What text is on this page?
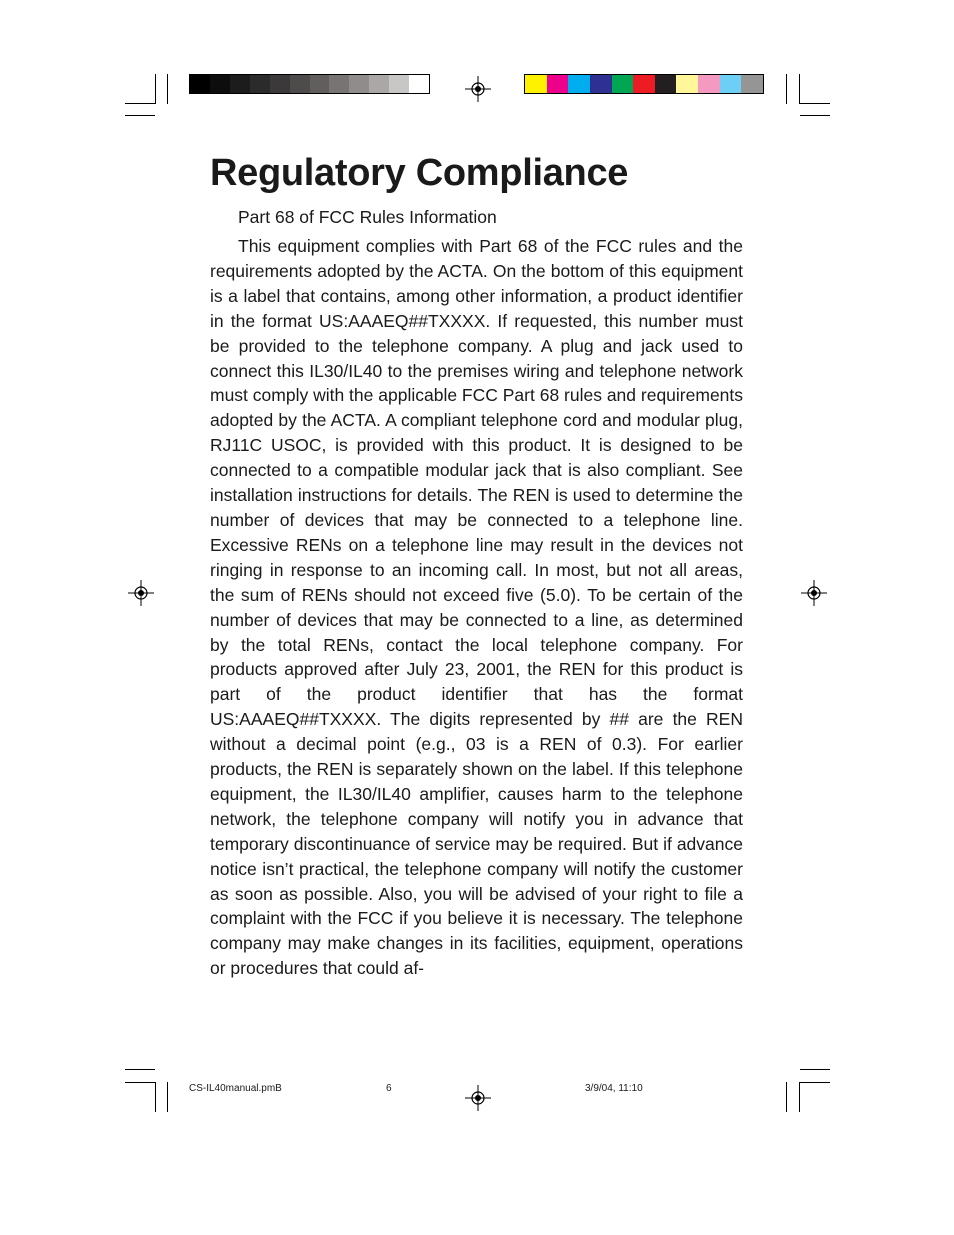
Regulatory Compliance

Part 68 of FCC Rules Information

This equipment complies with Part 68 of the FCC rules and the requirements adopted by the ACTA. On the bottom of this equipment is a label that contains, among other information, a product identifier in the format US:AAAEQ##TXXXX. If requested, this number must be provided to the telephone company. A plug and jack used to connect this IL30/IL40 to the premises wiring and telephone network must comply with the applicable FCC Part 68 rules and requirements adopted by the ACTA. A compliant telephone cord and modular plug, RJ11C USOC, is provided with this product. It is designed to be connected to a compatible modular jack that is also compliant. See installation instructions for details. The REN is used to determine the number of devices that may be connected to a telephone line. Excessive RENs on a telephone line may result in the devices not ringing in response to an incoming call. In most, but not all areas, the sum of RENs should not exceed five (5.0). To be certain of the number of devices that may be connected to a line, as determined by the total RENs, contact the local telephone company. For products approved after July 23, 2001, the REN for this product is part of the product identifier that has the format US:AAAEQ##TXXXX. The digits represented by ## are the REN without a decimal point (e.g., 03 is a REN of 0.3). For earlier products, the REN is separately shown on the label. If this telephone equipment, the IL30/IL40 amplifier, causes harm to the telephone network, the telephone company will notify you in advance that temporary discontinuance of service may be required. But if advance notice isn’t practical, the telephone company will notify the customer as soon as possible. Also, you will be advised of your right to file a complaint with the FCC if you believe it is necessary. The telephone company may make changes in its facilities, equipment, operations or procedures that could af-

CS-IL40manual.pmB	6	3/9/04, 11:10
